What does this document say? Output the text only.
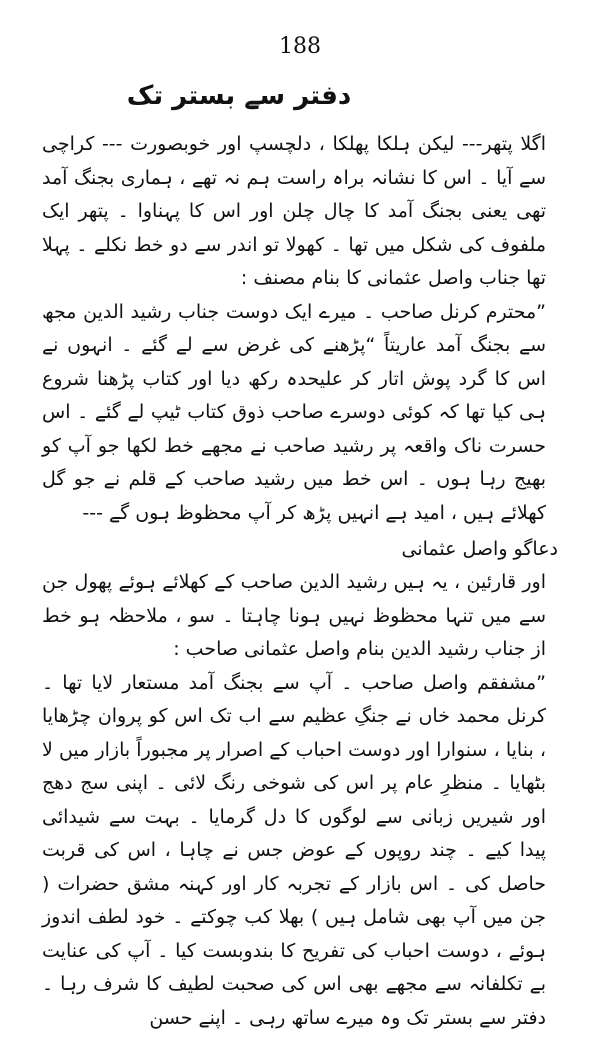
188
دفتر سے بستر تک

اگلا پتھر--- لیکن ہلکا پھلکا ، دلچسپ اور خوبصورت --- کراچی سے آیا ۔ اس کا نشانہ براہ راست ہم نہ تھے ، ہماری بجنگ آمد تھی یعنی بجنگ آمد کا چال چلن اور اس کا پہناوا ۔ پتھر ایک ملفوف کی شکل میں تھا ۔ کھولا تو اندر سے دو خط نکلے ۔ پہلا تھا جناب واصل عثمانی کا بنام مصنف :

”محترم کرنل صاحب ۔ میرے ایک دوست جناب رشید الدین مجھ سے بجنگ آمد عاریتاً “پڑھنے کی غرض سے لے گئے ۔ انہوں نے اس کا گرد پوش اتار کر علیحدہ رکھ دیا اور کتاب پڑھنا شروع ہی کیا تھا کہ کوئی دوسرے صاحب ذوق کتاب ٹیپ لے گئے ۔ اس حسرت ناک واقعہ پر رشید صاحب نے مجھے خط لکھا جو آپ کو بھیج رہا ہوں ۔ اس خط میں رشید صاحب کے قلم نے جو گل کھلائے ہیں ، امید ہے انہیں پڑھ کر آپ محظوظ ہوں گے ---

دعاگو واصل عثمانی

اور قارئین ، یہ ہیں رشید الدین صاحب کے کھلائے ہوئے پھول جن سے میں تنہا محظوظ نہیں ہونا چاہتا ۔ سو ، ملاحظہ ہو خط از جناب رشید الدین بنام واصل عثمانی صاحب :

”مشفقم واصل صاحب ۔ آپ سے بجنگ آمد مستعار لایا تھا ۔ کرنل محمد خاں نے جنگِ عظیم سے اب تک اس کو پروان چڑھایا ، بنایا ، سنوارا اور دوست احباب کے اصرار پر مجبوراً بازار میں لا بٹھایا ۔ منظرِ عام پر اس کی شوخی رنگ لائی ۔ اپنی سج دھج اور شیریں زبانی سے لوگوں کا دل گرمایا ۔ بہت سے شیدائی پیدا کیے ۔ چند روپوں کے عوض جس نے چاہا ، اس کی قربت حاصل کی ۔ اس بازار کے تجربہ کار اور کہنہ مشق حضرات ( جن میں آپ بھی شامل ہیں ) بھلا کب چوکتے ۔ خود لطف اندوز ہوئے ، دوست احباب کی تفریح کا بندوبست کیا ۔ آپ کی عنایت بے تکلفانہ سے مجھے بھی اس کی صحبت لطیف کا شرف رہا ۔ دفتر سے بستر تک وہ میرے ساتھ رہی ۔ اپنے حسن
